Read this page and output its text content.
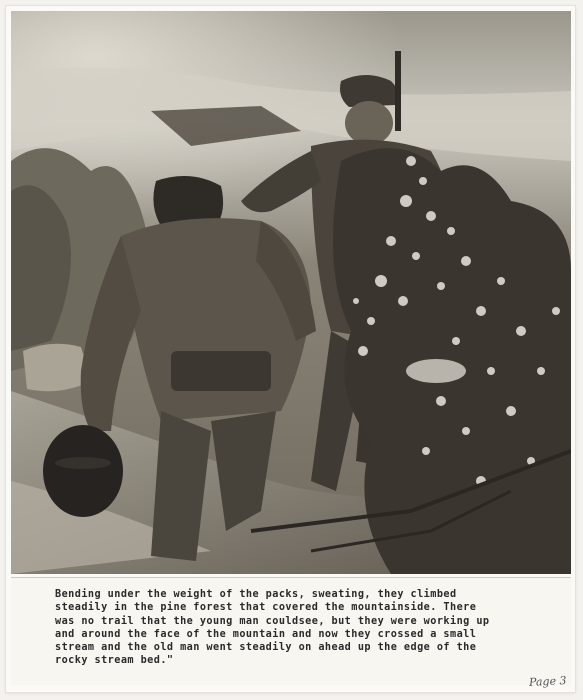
Bending under the weight of the packs, sweating, they climbed
steadily in the pine forest that covered the mountainside. There
was no trail that the young man couldsee, but they were working up
and around the face of the mountain and now they crossed a small
stream and the old man went steadily on ahead up the edge of the
rocky stream bed."
Page 3
